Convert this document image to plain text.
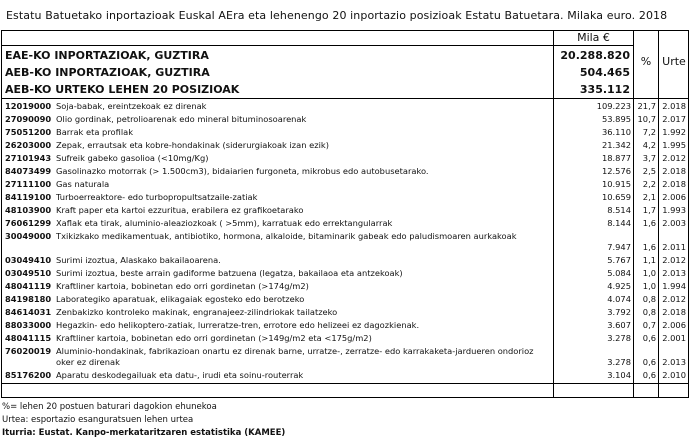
Estatu Batuetako inportazioak Euskal AEra eta lehenengo 20 inportazio posizioak Estatu Batuetara. Milaka euro. 2018
Mila €
% Urte
EAE-KO INPORTAZIOAK, GUZTIRA	20.288.820
AEB-KO INPORTAZIOAK, GUZTIRA	504.465
AEB-KO URTEKO LEHEN 20 POSIZIOAK	335.112
12019000 Soja-babak, ereintzekoak ez direnak	109.223 21,7 2.018
27090090 Olio gordinak, petrolioarenak edo mineral bituminosoarenak	53.895 10,7 2.017
75051200 Barrak eta profilak	36.110	7,2 1.992
26203000 Zepak, errautsak eta kobre-hondakinak (siderurgiakoak izan ezik)	21.342	4,2 1.995
27101943 Sufreik gabeko gasolioa (<10mg/Kg)	18.877	3,7 2.012
84073499 Gasolinazko motorrak (> 1.500cm3), bidaiarien furgoneta, mikrobus edo autobusetarako.	12.576	2,5 2.018
27111100 Gas naturala	10.915	2,2 2.018
84119100 Turboerreaktore- edo turbopropultsatzaile-zatiak	10.659	2,1 2.006
48103900 Kraft paper eta kartoi ezzuritua, erabilera ez grafikoetarako	8.514	1,7 1.993
76061299 Xaflak eta tirak, aluminio-aleaziozkoak ( >5mm), karratuak edo errektangularrak	8.144	1,6 2.003
30049000 Txikizkako medikamentuak, antibiotiko, hormona, alkaloide, bitaminarik gabeak edo paludismoaren aurkakoak
7.947	1,6 2.011
03049410 Surimi izoztua, Alaskako bakailaoarena.	5.767	1,1 2.012
03049510 Surimi izoztua, beste arrain gadiforme batzuena (legatza, bakailaoa eta antzekoak)	5.084	1,0 2.013
48041119 Kraftliner kartoia, bobinetan edo orri gordinetan (>174g/m2)	4.925	1,0 1.994
84198180 Laborategiko aparatuak, elikagaiak egosteko edo berotzeko	4.074	0,8 2.012
84614031 Zenbakizko kontroleko makinak, engranajeez-zilindriokak tailatzeko	3.792	0,8 2.018
88033000 Hegazkin- edo helikoptero-zatiak, lurreratze-tren, errotore edo helizeei ez dagozkienak.	3.607	0,7 2.006
48041115 Kraftliner kartoia, bobinetan edo orri gordinetan (>149g/m2 eta <175g/m2)	3.278	0,6 2.001
76020019 Aluminio-hondakinak, fabrikazioan onartu ez direnak barne, urratze-, zerratze- edo karrakaketa-jardueren ondorioz oker ez direnak	3.278	0,6 2.013
85176200 Aparatu deskodegailuak eta datu-, irudi eta soinu-routerrak	3.104	0,6 2.010
%= lehen 20 postuen baturari dagokion ehunekoa
Urtea: esportazio esanguratsuen lehen urtea
Iturria: Eustat. Kanpo-merkataritzaren estatistika (KAMEE)
